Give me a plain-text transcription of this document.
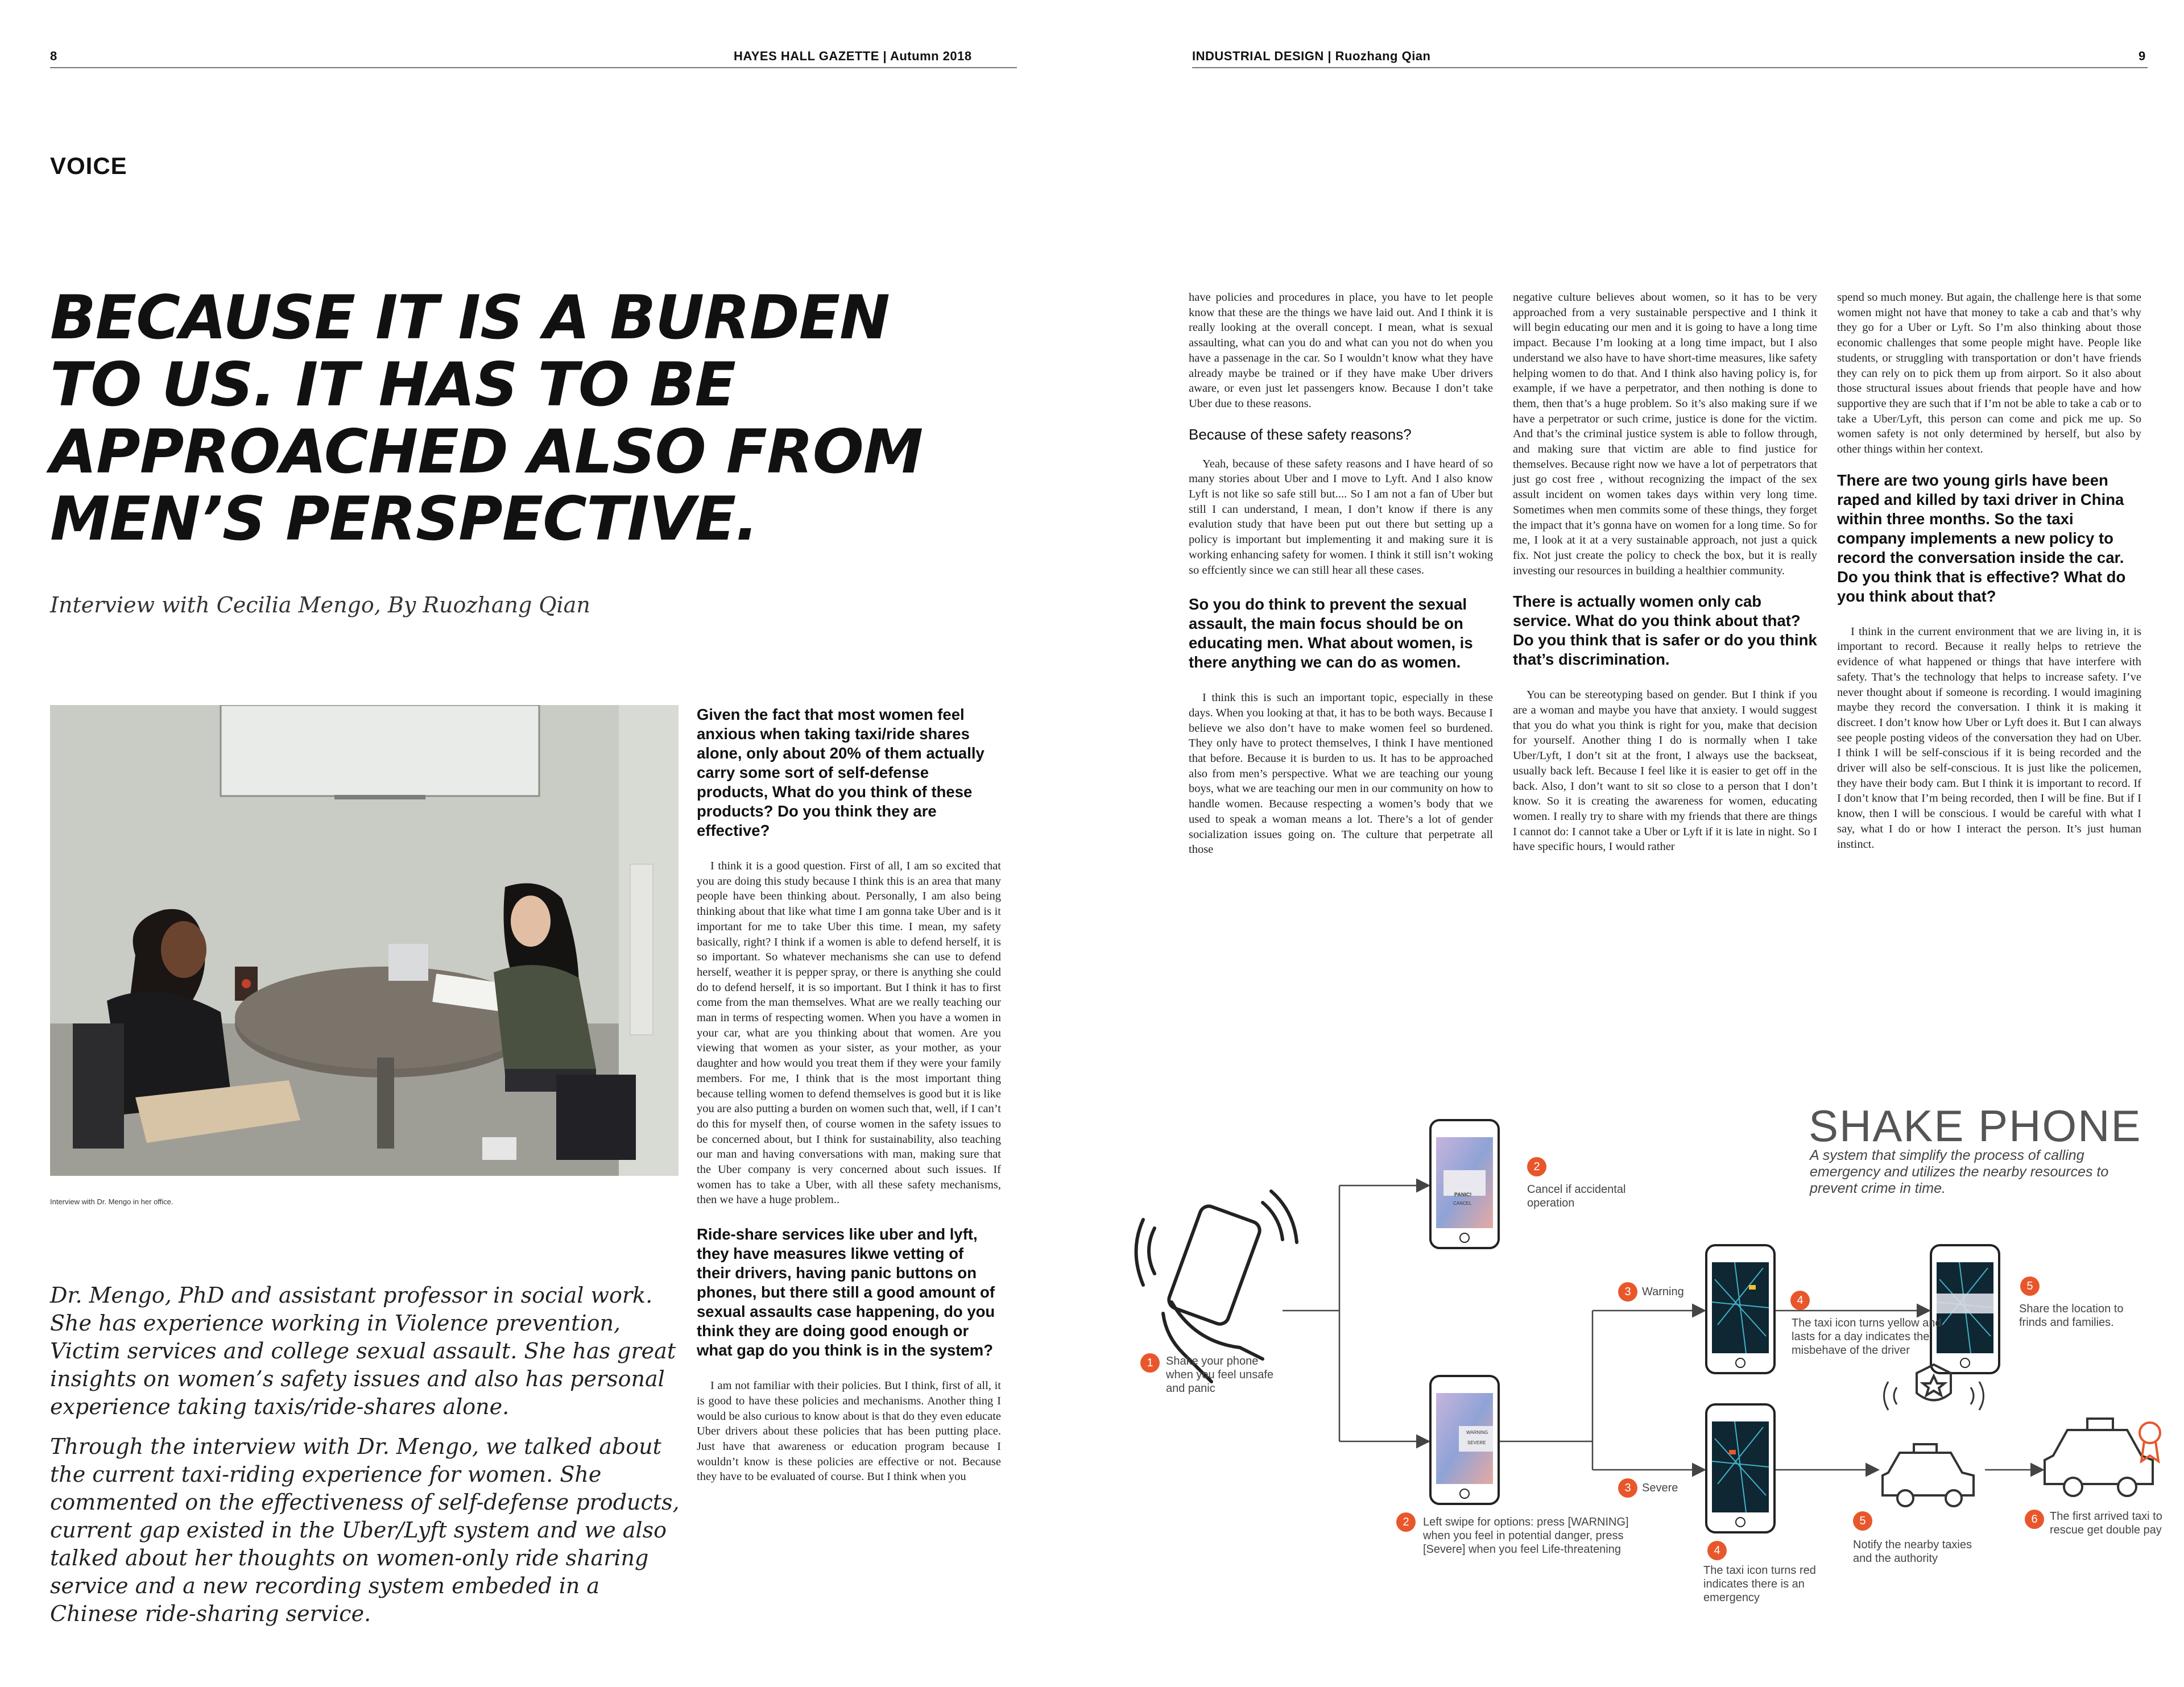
8	HAYES HALL GAZETTE | Autumn 2018	INDUSTRIAL DESIGN | Ruozhang Qian	9
VOICE
BECAUSE IT IS A BURDEN
TO US. IT HAS TO BE
APPROACHED ALSO FROM
MEN’S PERSPECTIVE.
Interview with Cecilia Mengo, By Ruozhang Qian
Interview with Dr. Mengo in her office.

Dr. Mengo, PhD and assistant professor in social work. She has experience working in Violence prevention, Victim services and college sexual assault. She has great insights on women’s safety issues and also has personal experience taking taxis/ride-shares alone.

Through the interview with Dr. Mengo, we talked about the current taxi-riding experience for women. She commented on the effectiveness of self-defense products, current gap existed in the Uber/Lyft system and we also talked about her thoughts on women-only ride sharing service and a new recording system embeded in a Chinese ride-sharing service.

Given the fact that most women feel anxious when taking taxi/ride shares alone, only about 20% of them actually carry some sort of self-defense products, What do you think of these products? Do you think they are effective?

I think it is a good question. First of all, I am so excited that you are doing this study because I think this is an area that many people have been thinking about. Personally, I am also being thinking about that like what time I am gonna take Uber and is it important for me to take Uber this time. I mean, my safety basically, right? I think if a women is able to defend herself, it is so important. So whatever mechanisms she can use to defend herself, weather it is pepper spray, or there is anything she could do to defend herself, it is so important. But I think it has to first come from the man themselves. What are we really teaching our man in terms of respecting women. When you have a women in your car, what are you thinking about that women. Are you viewing that women as your sister, as your mother, as your daughter and how would you treat them if they were your family members. For me, I think that is the most important thing because telling women to defend themselves is good but it is like you are also putting a burden on women such that, well, if I can’t do this for myself then, of course women in the safety issues to be concerned about, but I think for sustainability, also teaching our man and having conversations with man, making sure that the Uber company is very concerned about such issues. If women has to take a Uber, with all these safety mechanisms, then we have a huge problem..

Ride-share services like uber and lyft, they have measures likwe vetting of their drivers, having panic buttons on phones, but there still a good amount of sexual assaults case happening, do you think they are doing good enough or what gap do you think is in the system?

I am not familiar with their policies. But I think, first of all, it is good to have these policies and mechanisms. Another thing I would be also curious to know about is that do they even educate Uber drivers about these policies that has been putting place. Just have that awareness or education program because I wouldn’t know is these policies are effective or not. Because they have to be evaluated of course. But I think when you

have policies and procedures in place, you have to let people know that these are the things we have laid out. And I think it is really looking at the overall concept. I mean, what is sexual assaulting, what can you do and what can you not do when you have a passenage in the car. So I wouldn’t know what they have already maybe be trained or if they have make Uber drivers aware, or even just let passengers know. Because I don’t take Uber due to these reasons.

Because of these safety reasons?

Yeah, because of these safety reasons and I have heard of so many stories about Uber and I move to Lyft. And I also know Lyft is not like so safe still but.... So I am not a fan of Uber but still I can understand, I mean, I don’t know if there is any evalution study that have been put out there but setting up a policy is important but implementing it and making sure it is working enhancing safety for women. I think it still isn’t woking so effciently since we can still hear all these cases.

So you do think to prevent the sexual assault, the main focus should be on educating men. What about women, is there anything we can do as women.

I think this is such an important topic, especially in these days. When you looking at that, it has to be both ways. Because I believe we also don’t have to make women feel so burdened. They only have to protect themselves, I think I have mentioned that before. Because it is burden to us. It has to be approached also from men’s perspective. What we are teaching our young boys, what we are teaching our men in our community on how to handle women. Because respecting a women’s body that we used to speak a woman means a lot. There’s a lot of gender socialization issues going on. The culture that perpetrate all those

negative culture believes about women, so it has to be very approached from a very sustainable perspective and I think it will begin educating our men and it is going to have a long time impact. Because I’m looking at a long time impact, but I also understand we also have to have short-time measures, like safety helping women to do that. And I think also having policy is, for example, if we have a perpetrator, and then nothing is done to them, then that’s a huge problem. So it’s also making sure if we have a perpetrator or such crime, justice is done for the victim. And that’s the criminal justice system is able to follow through, and making sure that victim are able to find justice for themselves. Because right now we have a lot of perpetrators that just go cost free , without recognizing the impact of the sex assult incident on women takes days within very long time. Sometimes when men commits some of these things, they forget the impact that it’s gonna have on women for a long time. So for me, I look at it at a very sustainable approach, not just a quick fix. Not just create the policy to check the box, but it is really investing our resources in building a healthier community.

There is actually women only cab service. What do you think about that? Do you think that is safer or do you think that’s discrimination.

You can be stereotyping based on gender. But I think if you are a woman and maybe you have that anxiety. I would suggest that you do what you think is right for you, make that decision for yourself. Another thing I do is normally when I take Uber/Lyft, I don’t sit at the front, I always use the backseat, usually back left. Because I feel like it is easier to get off in the back. Also, I don’t want to sit so close to a person that I don’t know. So it is creating the awareness for women, educating women. I really try to share with my friends that there are things I cannot do: I cannot take a Uber or Lyft if it is late in night. So I have specific hours, I would rather

spend so much money. But again, the challenge here is that some women might not have that money to take a cab and that’s why they go for a Uber or Lyft. So I’m also thinking about those economic challenges that some people might have. People like students, or struggling with transportation or don’t have friends they can rely on to pick them up from airport. So it also about those structural issues about friends that people have and how supportive they are such that if I’m not be able to take a cab or to take a Uber/Lyft, this person can come and pick me up. So women safety is not only determined by herself, but also by other things within her context.

There are two young girls have been raped and killed by taxi driver in China within three months. So the taxi company implements a new policy to record the conversation inside the car. Do you think that is effective? What do you think about that?

I think in the current environment that we are living in, it is important to record. Because it really helps to retrieve the evidence of what happened or things that have interfere with safety. That’s the technology that helps to increase safety. I’ve never thought about if someone is recording. I would imagining maybe they record the conversation. I think it is making it discreet. I don’t know how Uber or Lyft does it. But I can always see people posting videos of the conversation they had on Uber. I think I will be self-conscious if it is being recorded and the driver will also be self-conscious. It is just like the policemen, they have their body cam. But I think it is important to record. If I don’t know that I’m being recorded, then I will be fine. But if I know, then I will be conscious. I would be careful with what I say, what I do or how I interact the person. It’s just human instinct.

SHAKE PHONE
A system that simplify the process of calling emergency and utilizes the nearby resources to prevent crime in time.
PANIC!
CANCEL
WARNING
SEVERE
1	Shake your phone when you feel unsafe and panic
2
Cancel if accidental operation
2	Left swipe for options: press [WARNING] when you feel in potential danger, press [Severe] when you feel Life-threatening
3 Warning
3 Severe
4
The taxi icon turns yellow and lasts for a day indicates the misbehave of the driver
4
The taxi icon turns red indicates there is an emergency
5
Share the location to frinds and families.
5
Notify the nearby taxies and the authority
6	The first arrived taxi to rescue get double pay
